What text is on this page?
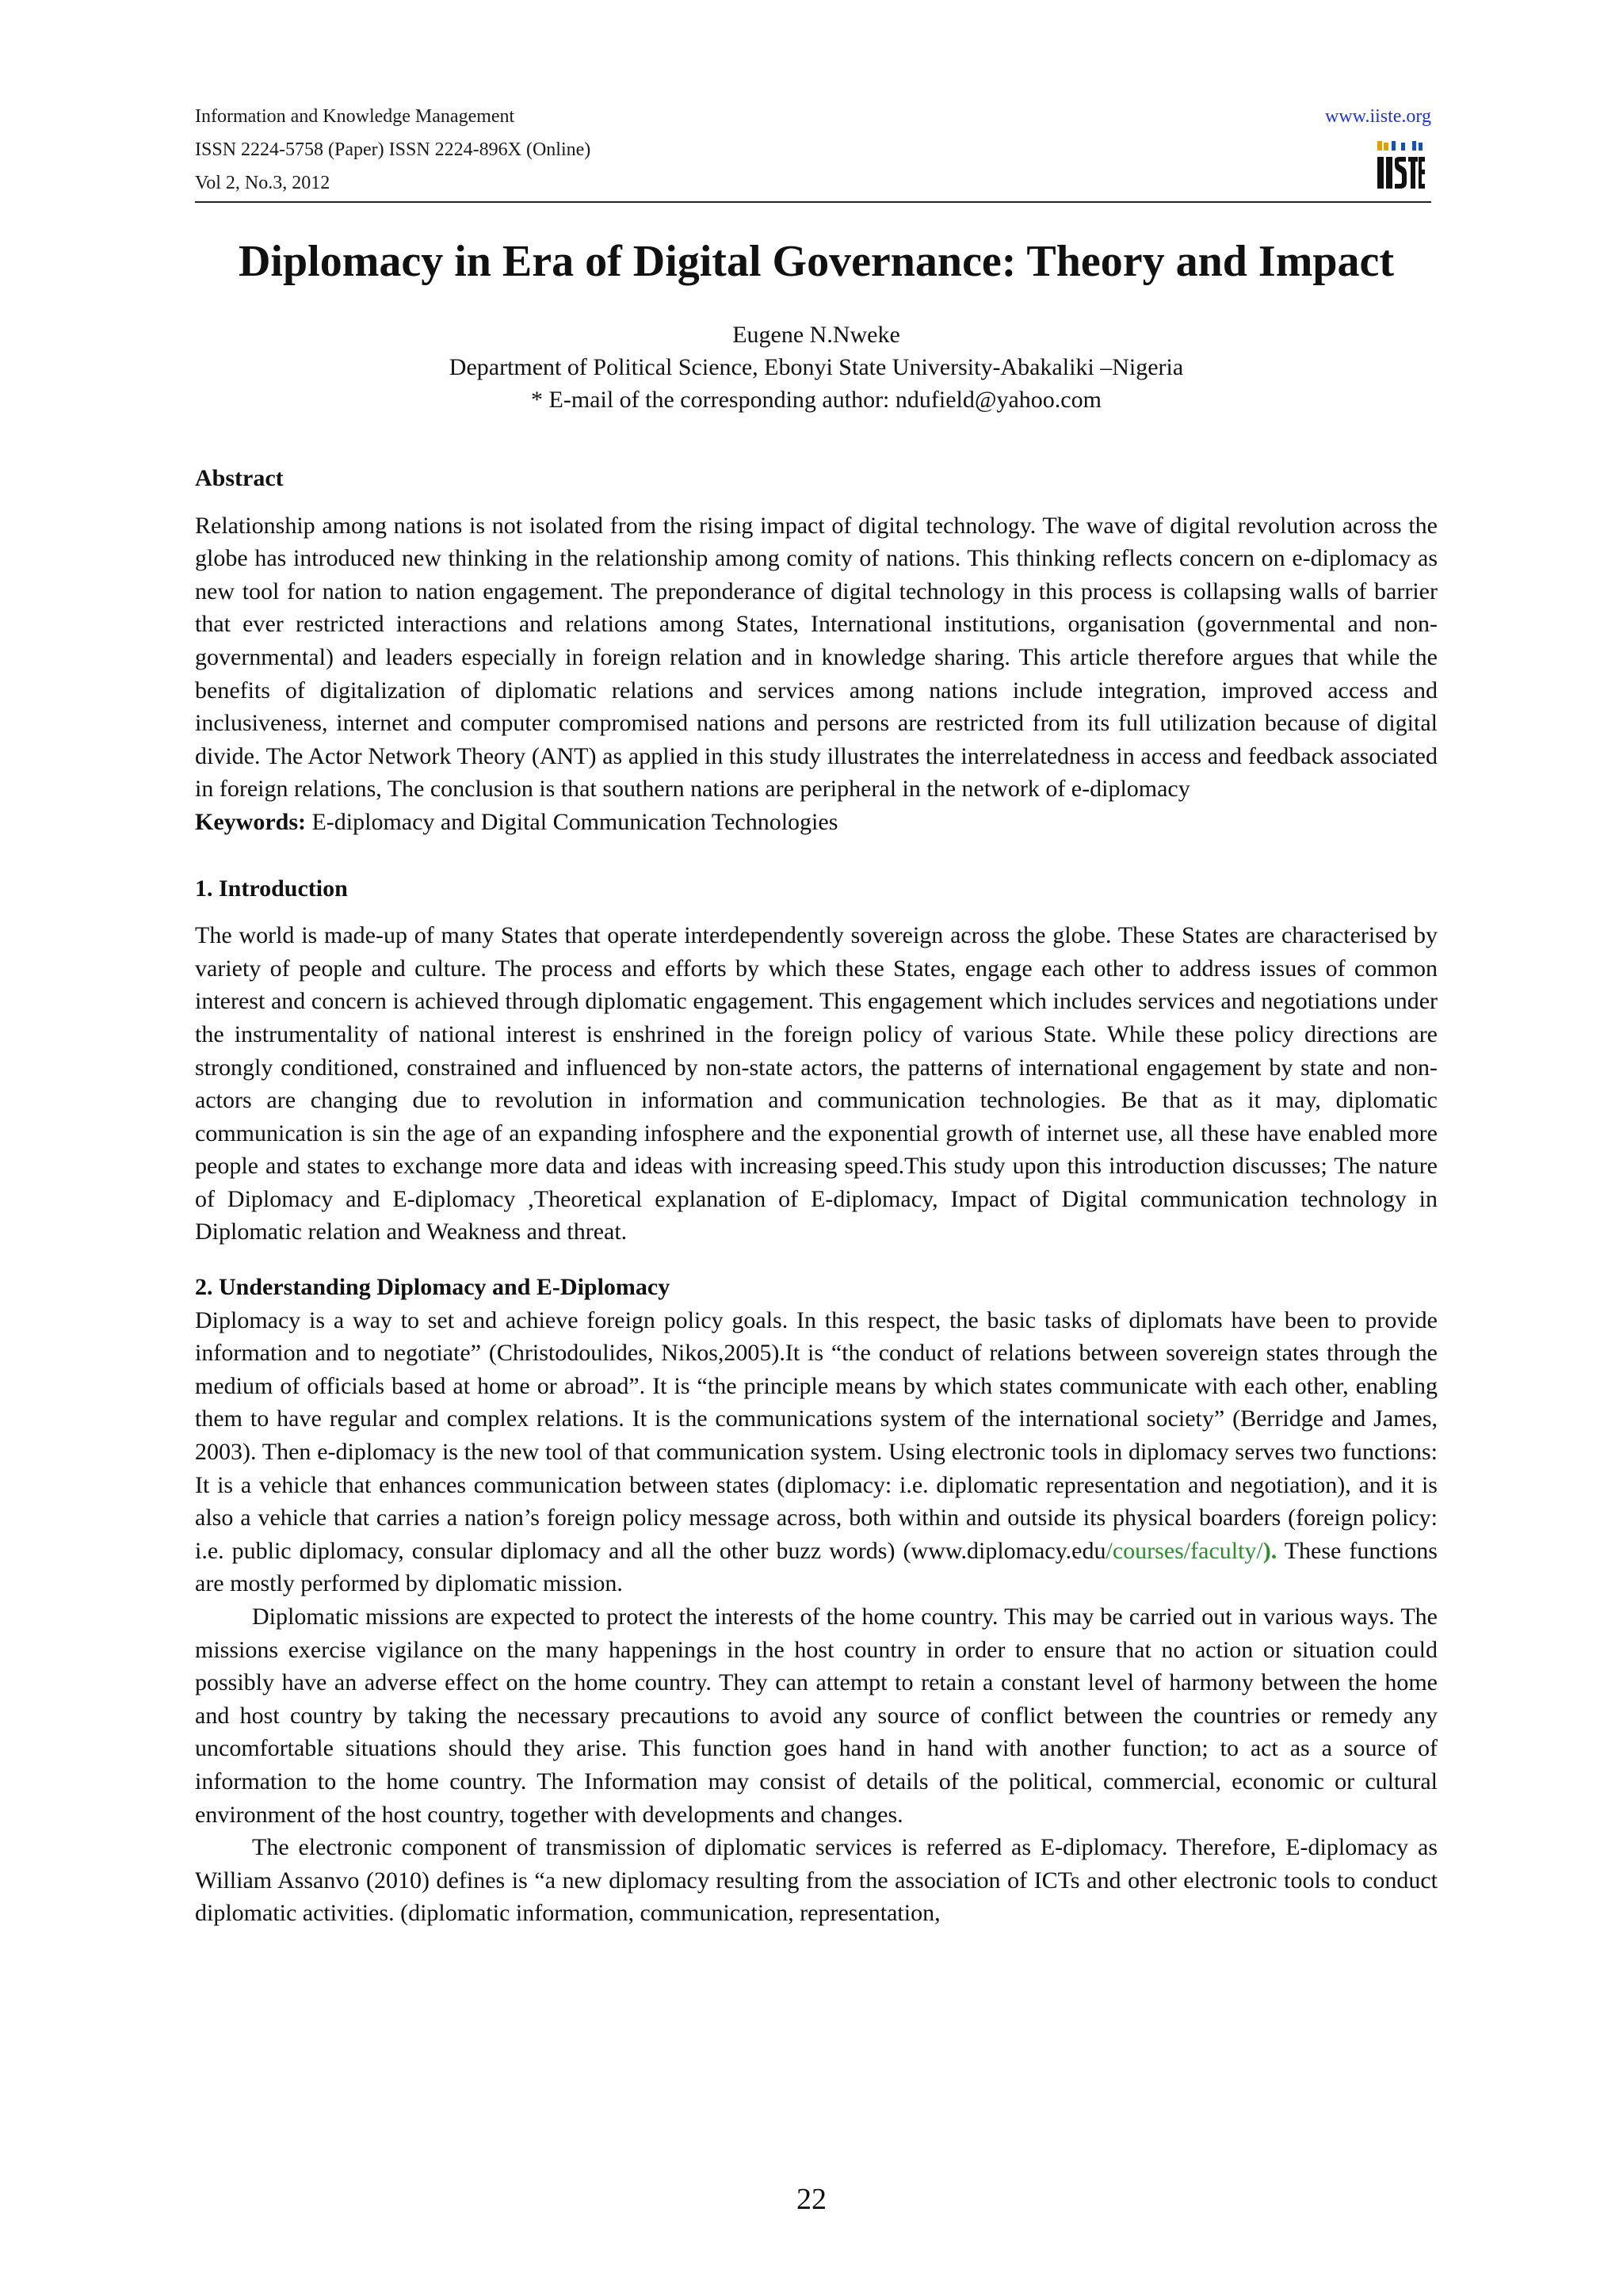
Information and Knowledge Management
ISSN 2224-5758 (Paper) ISSN 2224-896X (Online)
Vol 2, No.3, 2012
www.iiste.org
Diplomacy in Era of Digital Governance: Theory and Impact
Eugene N.Nweke
Department of Political Science, Ebonyi State University-Abakaliki –Nigeria
* E-mail of the corresponding author: ndufield@yahoo.com
Abstract

Relationship among nations is not isolated from the rising impact of digital technology. The wave of digital revolution across the globe has introduced new thinking in the relationship among comity of nations. This thinking reflects concern on e-diplomacy as new tool for nation to nation engagement. The preponderance of digital technology in this process is collapsing walls of barrier that ever restricted interactions and relations among States, International institutions, organisation (governmental and non-governmental) and leaders especially in foreign relation and in knowledge sharing. This article therefore argues that while the benefits of digitalization of diplomatic relations and services among nations include integration, improved access and inclusiveness, internet and computer compromised nations and persons are restricted from its full utilization because of digital divide. The Actor Network Theory (ANT) as applied in this study illustrates the interrelatedness in access and feedback associated in foreign relations, The conclusion is that southern nations are peripheral in the network of e-diplomacy

Keywords: E-diplomacy and Digital Communication Technologies

1. Introduction

The world is made-up of many States that operate interdependently sovereign across the globe. These States are characterised by variety of people and culture. The process and efforts by which these States, engage each other to address issues of common interest and concern is achieved through diplomatic engagement. This engagement which includes services and negotiations under the instrumentality of national interest is enshrined in the foreign policy of various State. While these policy directions are strongly conditioned, constrained and influenced by non-state actors, the patterns of international engagement by state and non- actors are changing due to revolution in information and communication technologies. Be that as it may, diplomatic communication is sin the age of an expanding infosphere and the exponential growth of internet use, all these have enabled more people and states to exchange more data and ideas with increasing speed.This study upon this introduction discusses; The nature of Diplomacy and E-diplomacy ,Theoretical explanation of E-diplomacy, Impact of Digital communication technology in Diplomatic relation and Weakness and threat.

2. Understanding Diplomacy and E-Diplomacy

Diplomacy is a way to set and achieve foreign policy goals. In this respect, the basic tasks of diplomats have been to provide information and to negotiate” (Christodoulides, Nikos,2005).It is “the conduct of relations between sovereign states through the medium of officials based at home or abroad”. It is “the principle means by which states communicate with each other, enabling them to have regular and complex relations. It is the communications system of the international society” (Berridge and James, 2003). Then e-diplomacy is the new tool of that communication system. Using electronic tools in diplomacy serves two functions: It is a vehicle that enhances communication between states (diplomacy: i.e. diplomatic representation and negotiation), and it is also a vehicle that carries a nation’s foreign policy message across, both within and outside its physical boarders (foreign policy: i.e. public diplomacy, consular diplomacy and all the other buzz words) (www.diplomacy.edu/courses/faculty/). These functions are mostly performed by diplomatic mission.

Diplomatic missions are expected to protect the interests of the home country. This may be carried out in various ways. The missions exercise vigilance on the many happenings in the host country in order to ensure that no action or situation could possibly have an adverse effect on the home country. They can attempt to retain a constant level of harmony between the home and host country by taking the necessary precautions to avoid any source of conflict between the countries or remedy any uncomfortable situations should they arise. This function goes hand in hand with another function; to act as a source of information to the home country. The Information may consist of details of the political, commercial, economic or cultural environment of the host country, together with developments and changes.

The electronic component of transmission of diplomatic services is referred as E-diplomacy. Therefore, E-diplomacy as William Assanvo (2010) defines is “a new diplomacy resulting from the association of ICTs and other electronic tools to conduct diplomatic activities. (diplomatic information, communication, representation,

22
